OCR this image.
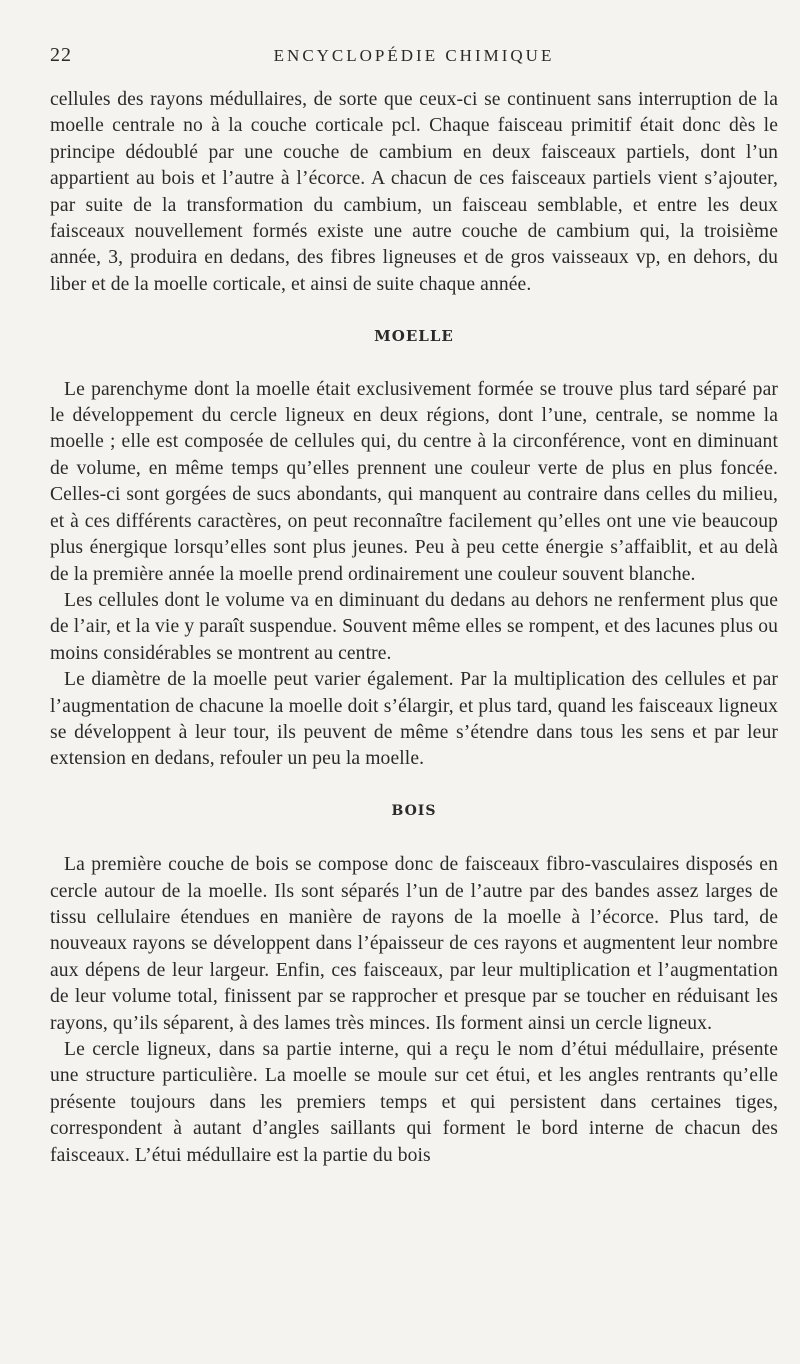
22	ENCYCLOPÉDIE CHIMIQUE

cellules des rayons médullaires, de sorte que ceux-ci se continuent sans interruption de la moelle centrale no à la couche corticale pcl. Chaque faisceau primitif était donc dès le principe dédoublé par une couche de cambium en deux faisceaux partiels, dont l’un appartient au bois et l’autre à l’écorce. A chacun de ces faisceaux partiels vient s’ajouter, par suite de la transformation du cambium, un faisceau semblable, et entre les deux faisceaux nouvellement formés existe une autre couche de cambium qui, la troisième année, 3, produira en dedans, des fibres ligneuses et de gros vaisseaux vp, en dehors, du liber et de la moelle corticale, et ainsi de suite chaque année.

MOELLE

Le parenchyme dont la moelle était exclusivement formée se trouve plus tard séparé par le développement du cercle ligneux en deux régions, dont l’une, centrale, se nomme la moelle ; elle est composée de cellules qui, du centre à la circonférence, vont en diminuant de volume, en même temps qu’elles prennent une couleur verte de plus en plus foncée. Celles-ci sont gorgées de sucs abondants, qui manquent au contraire dans celles du milieu, et à ces différents caractères, on peut reconnaître facilement qu’elles ont une vie beaucoup plus énergique lorsqu’elles sont plus jeunes. Peu à peu cette énergie s’affaiblit, et au delà de la première année la moelle prend ordinairement une couleur souvent blanche.

Les cellules dont le volume va en diminuant du dedans au dehors ne renferment plus que de l’air, et la vie y paraît suspendue. Souvent même elles se rompent, et des lacunes plus ou moins considérables se montrent au centre.

Le diamètre de la moelle peut varier également. Par la multiplication des cellules et par l’augmentation de chacune la moelle doit s’élargir, et plus tard, quand les faisceaux ligneux se développent à leur tour, ils peuvent de même s’étendre dans tous les sens et par leur extension en dedans, refouler un peu la moelle.

BOIS

La première couche de bois se compose donc de faisceaux fibro-vasculaires disposés en cercle autour de la moelle. Ils sont séparés l’un de l’autre par des bandes assez larges de tissu cellulaire étendues en manière de rayons de la moelle à l’écorce. Plus tard, de nouveaux rayons se développent dans l’épaisseur de ces rayons et augmentent leur nombre aux dépens de leur largeur. Enfin, ces faisceaux, par leur multiplication et l’augmentation de leur volume total, finissent par se rapprocher et presque par se toucher en réduisant les rayons, qu’ils séparent, à des lames très minces. Ils forment ainsi un cercle ligneux.

Le cercle ligneux, dans sa partie interne, qui a reçu le nom d’étui médullaire, présente une structure particulière. La moelle se moule sur cet étui, et les angles rentrants qu’elle présente toujours dans les premiers temps et qui persistent dans certaines tiges, correspondent à autant d’angles saillants qui forment le bord interne de chacun des faisceaux. L’étui médullaire est la partie du bois
